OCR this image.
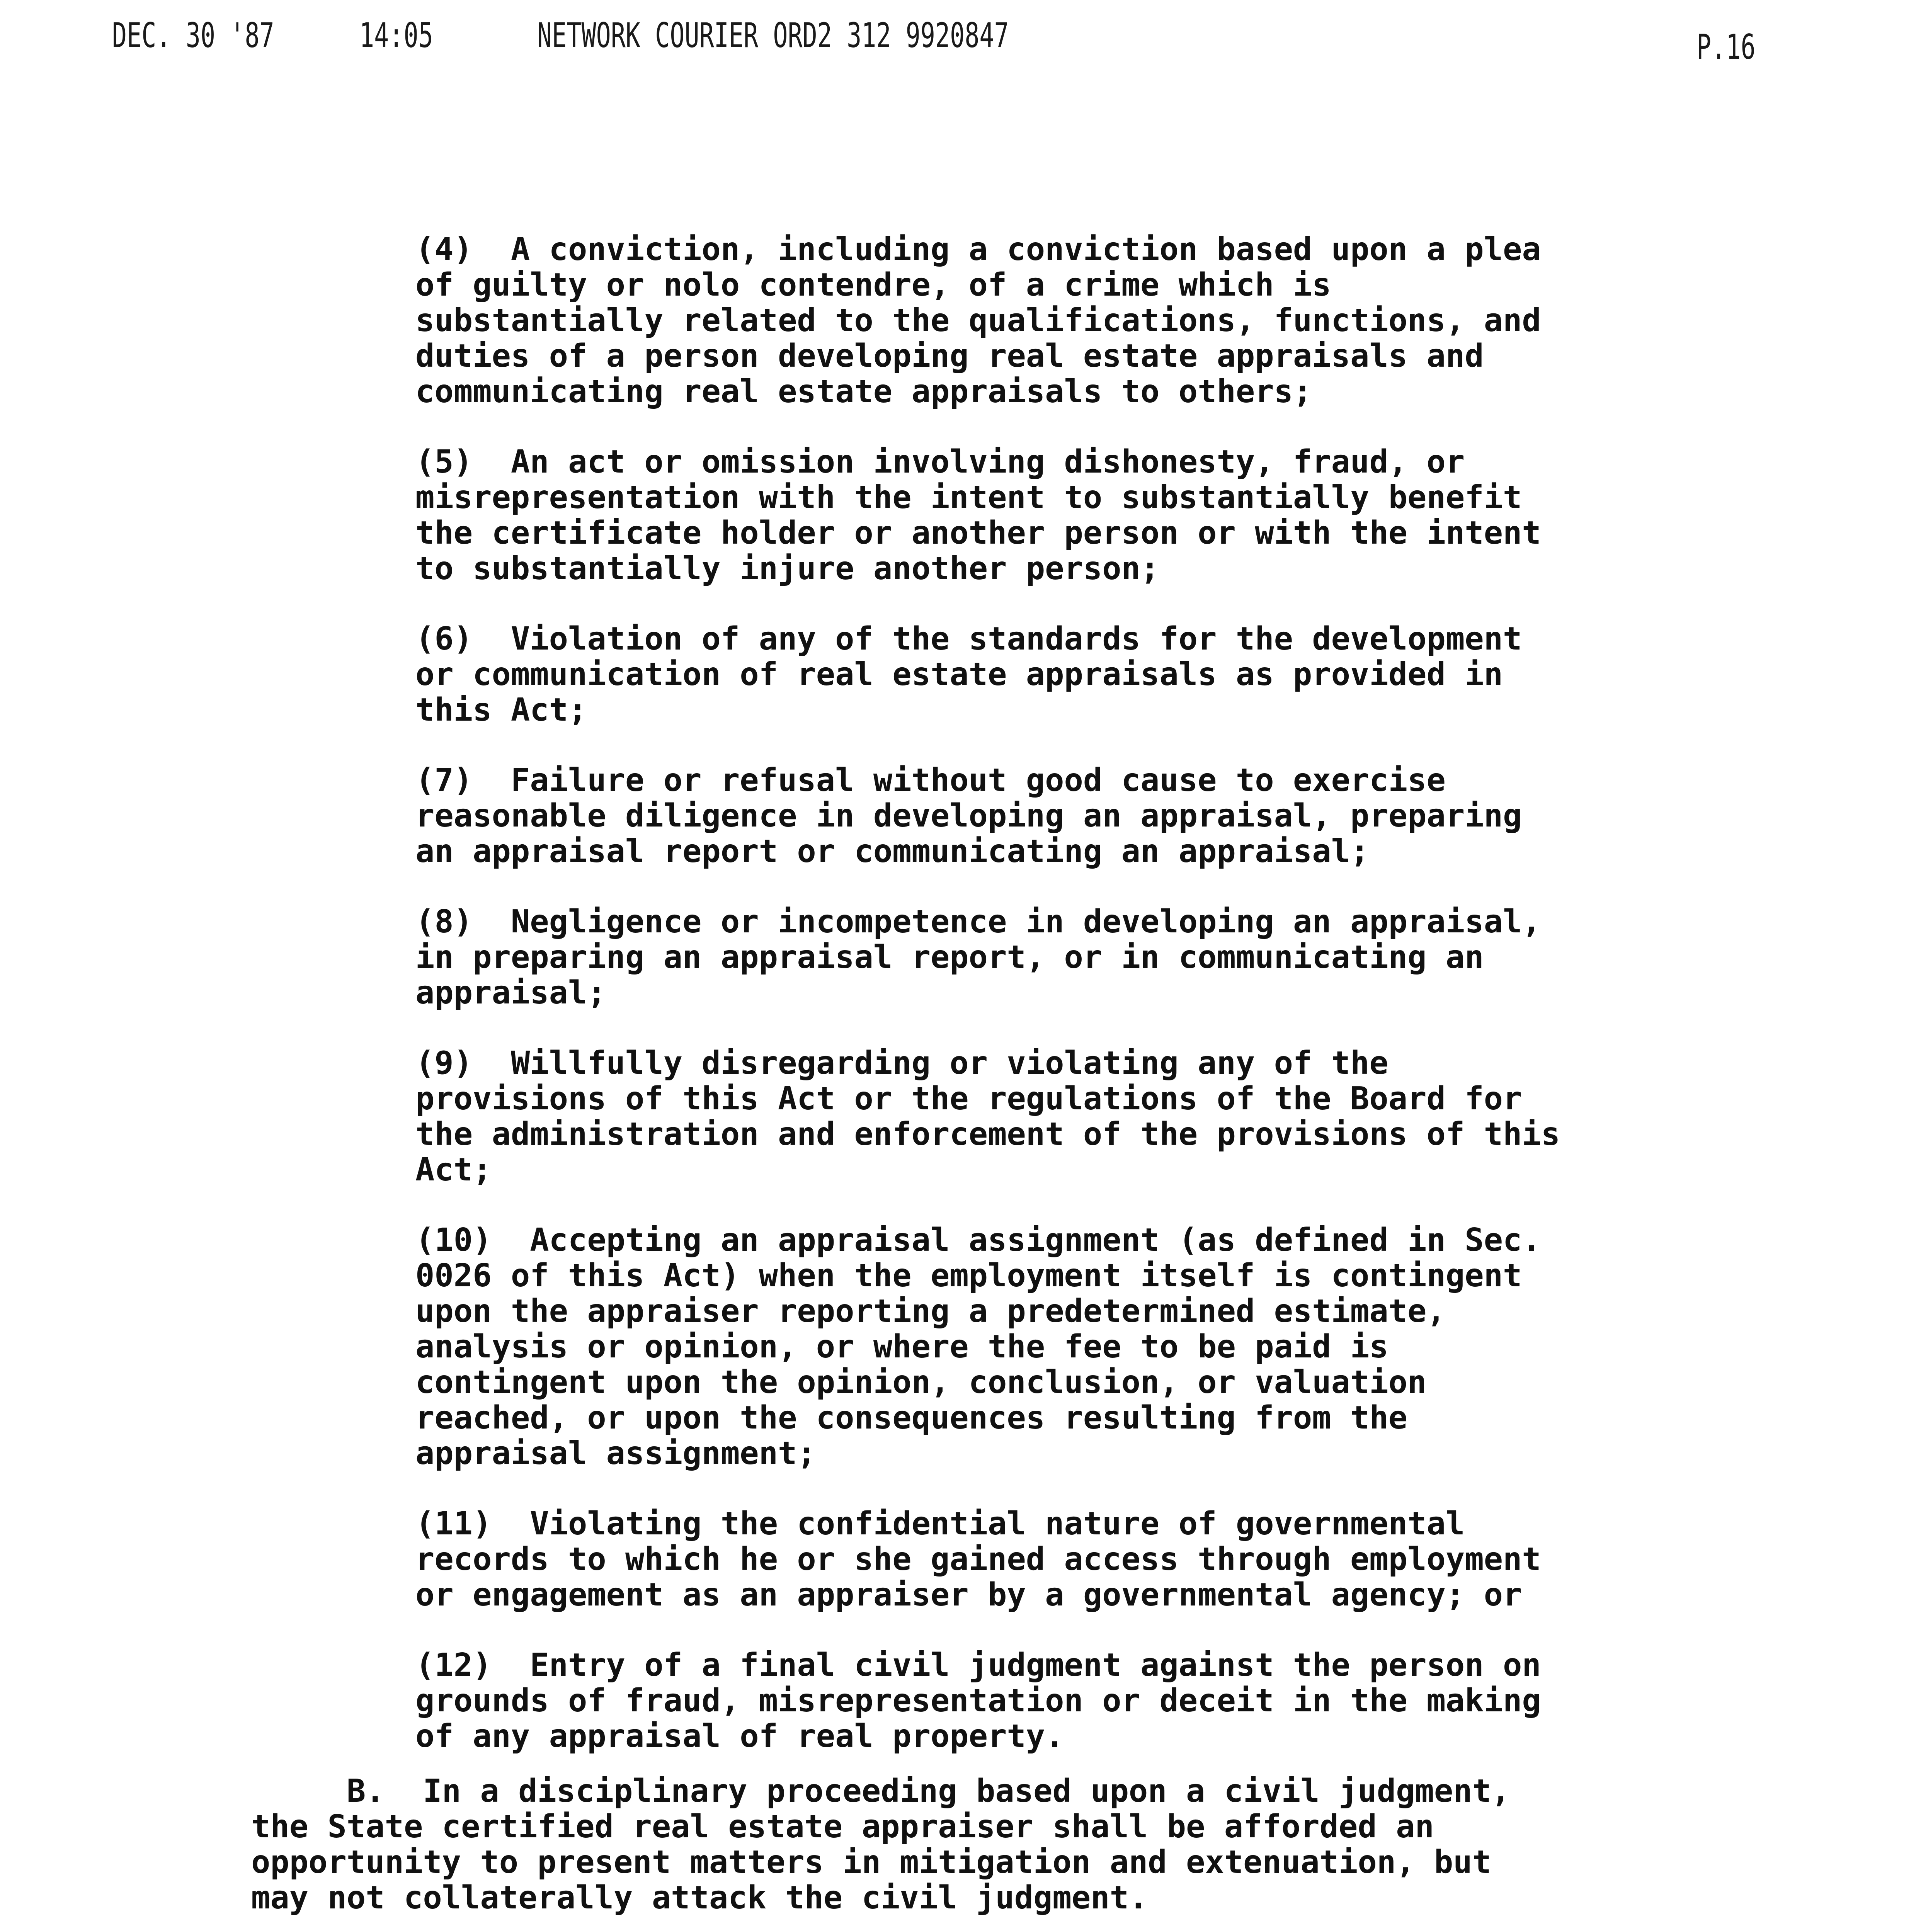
DEC. 30 '87	14:05	NETWORK COURIER ORD2 312 9920847	P.16
(4)  A conviction, including a conviction based upon a plea
of guilty or nolo contendre, of a crime which is
substantially related to the qualifications, functions, and
duties of a person developing real estate appraisals and
communicating real estate appraisals to others;
(5)  An act or omission involving dishonesty, fraud, or
misrepresentation with the intent to substantially benefit
the certificate holder or another person or with the intent
to substantially injure another person;
(6)  Violation of any of the standards for the development
or communication of real estate appraisals as provided in
this Act;
(7)  Failure or refusal without good cause to exercise
reasonable diligence in developing an appraisal, preparing
an appraisal report or communicating an appraisal;
(8)  Negligence or incompetence in developing an appraisal,
in preparing an appraisal report, or in communicating an
appraisal;
(9)  Willfully disregarding or violating any of the
provisions of this Act or the regulations of the Board for
the administration and enforcement of the provisions of this
Act;
(10)  Accepting an appraisal assignment (as defined in Sec.
0026 of this Act) when the employment itself is contingent
upon the appraiser reporting a predetermined estimate,
analysis or opinion, or where the fee to be paid is
contingent upon the opinion, conclusion, or valuation
reached, or upon the consequences resulting from the
appraisal assignment;
(11)  Violating the confidential nature of governmental
records to which he or she gained access through employment
or engagement as an appraiser by a governmental agency; or
(12)  Entry of a final civil judgment against the person on
grounds of fraud, misrepresentation or deceit in the making
of any appraisal of real property.
B.  In a disciplinary proceeding based upon a civil judgment,
the State certified real estate appraiser shall be afforded an
opportunity to present matters in mitigation and extenuation, but
may not collaterally attack the civil judgment.
